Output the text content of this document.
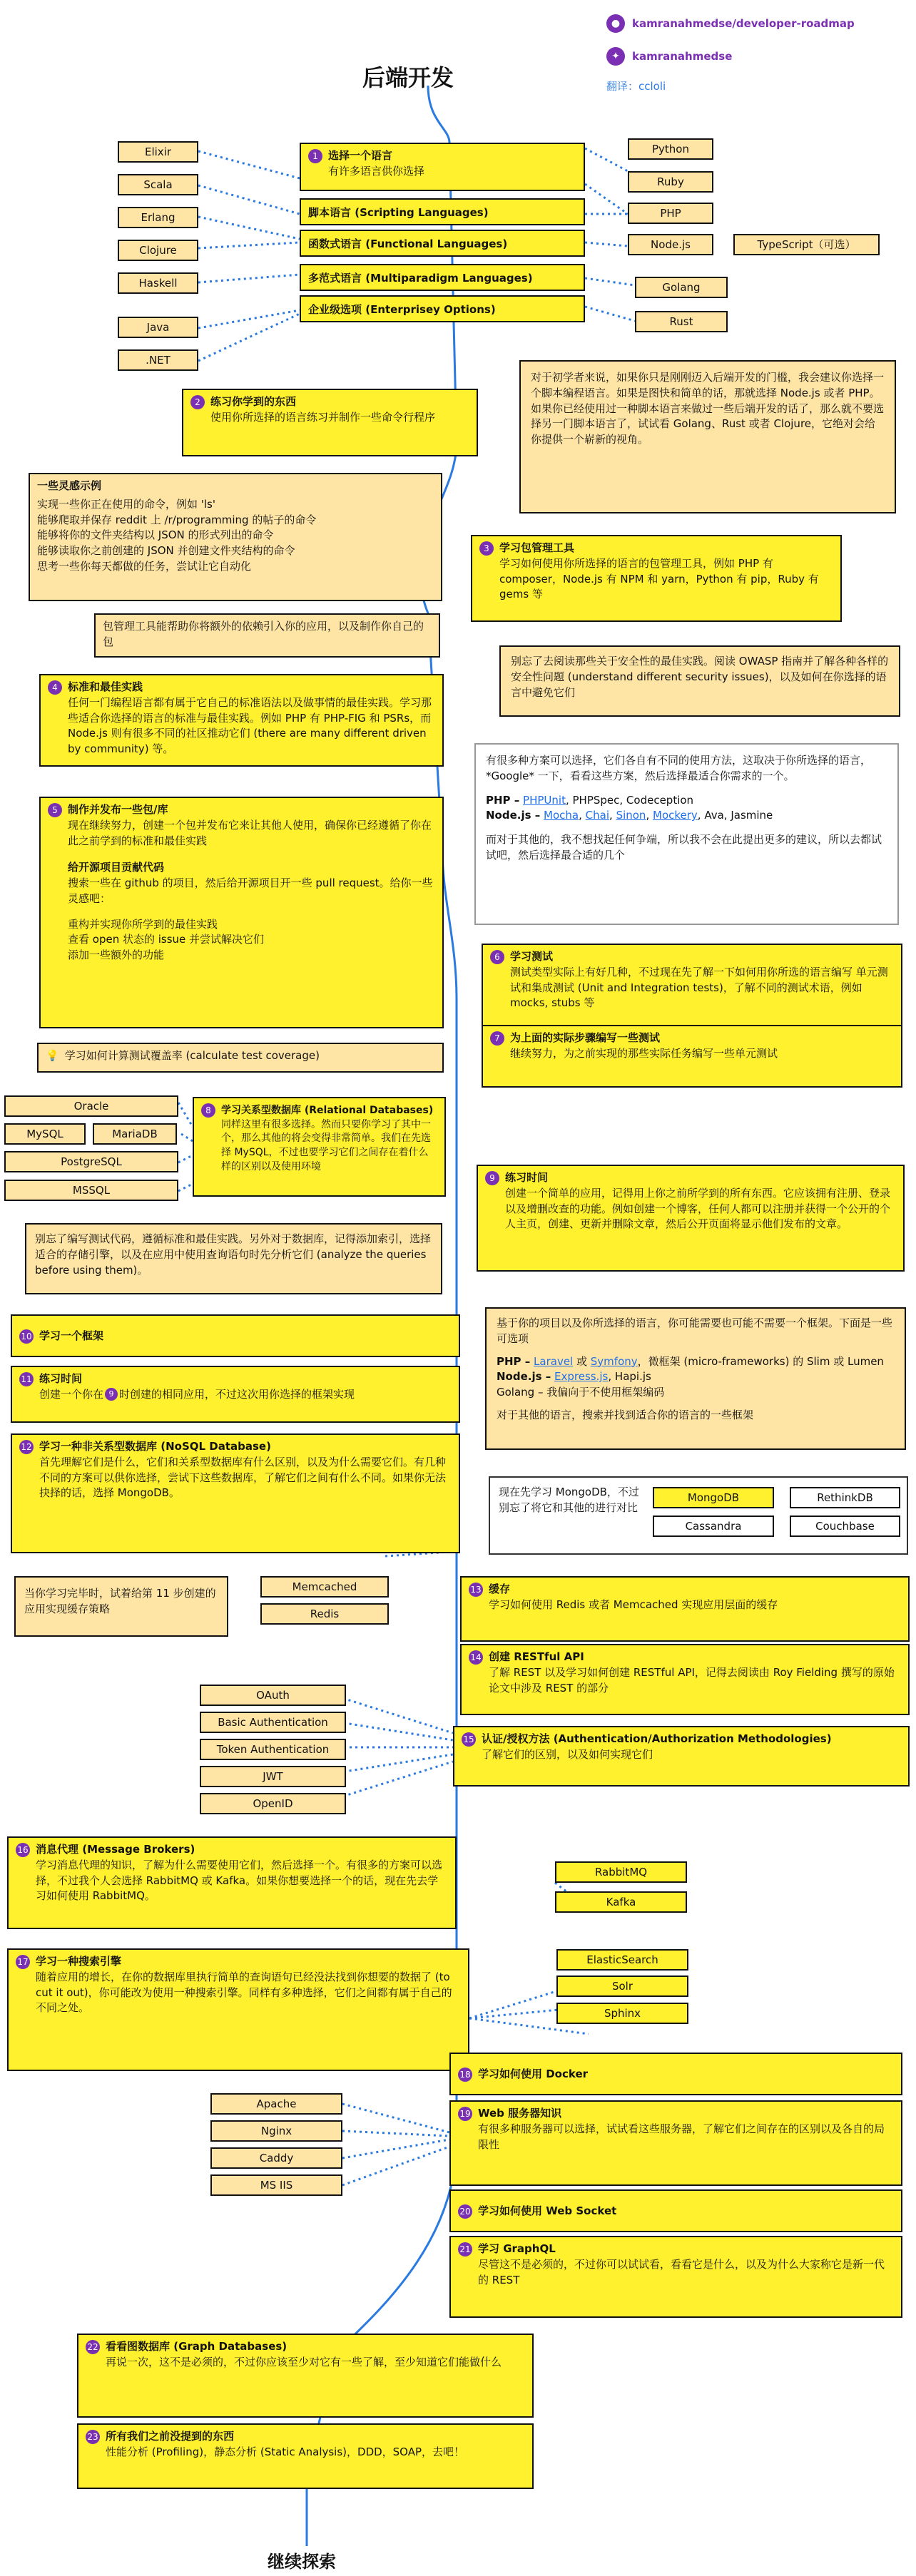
●	kamranahmedse/developer-roadmap
✦	kamranahmedse
翻译：ccloli
后端开发
1 选择一个语言
有许多语言供你选择
脚本语言 (Scripting Languages)
函数式语言 (Functional Languages)
多范式语言 (Multiparadigm Languages)
企业级选项 (Enterprisey Options)
Elixir
Scala
Erlang
Clojure
Haskell
Java
.NET
Python
Ruby
PHP
Node.js	TypeScript（可选）
Golang
Rust
对于初学者来说，如果你只是刚刚迈入后端开发的门槛，我会建议你选择一个脚本编程语言。如果是图快和简单的话，那就选择 Node.js 或者 PHP。如果你已经使用过一种脚本语言来做过一些后端开发的话了，那么就不要选择另一门脚本语言了，试试看 Golang、Rust 或者 Clojure，它绝对会给你提供一个崭新的视角。
2 练习你学到的东西
使用你所选择的语言练习并制作一些命令行程序
一些灵感示例
实现一些你正在使用的命令，例如 'ls'
能够爬取并保存 reddit 上 /r/programming 的帖子的命令
能够将你的文件夹结构以 JSON 的形式列出的命令
能够读取你之前创建的 JSON 并创建文件夹结构的命令
思考一些你每天都做的任务，尝试让它自动化
3 学习包管理工具
学习如何使用你所选择的语言的包管理工具，例如 PHP 有 composer，Node.js 有 NPM 和 yarn，Python 有 pip，Ruby 有 gems 等
包管理工具能帮助你将额外的依赖引入你的应用，以及制作你自己的包
4 标准和最佳实践
任何一门编程语言都有属于它自己的标准语法以及做事情的最佳实践。学习那些适合你选择的语言的标准与最佳实践。例如 PHP 有 PHP-FIG 和 PSRs，而 Node.js 则有很多不同的社区推动它们 (there are many different driven by community) 等。
别忘了去阅读那些关于安全性的最佳实践。阅读 OWASP 指南并了解各种各样的安全性问题 (understand different security issues)，以及如何在你选择的语言中避免它们
5 制作并发布一些包/库
现在继续努力，创建一个包并发布它来让其他人使用，确保你已经遵循了你在此之前学到的标准和最佳实践
给开源项目贡献代码
搜索一些在 github 的项目，然后给开源项目开一些 pull request。给你一些灵感吧：
重构并实现你所学到的最佳实践
查看 open 状态的 issue 并尝试解决它们
添加一些额外的功能
有很多种方案可以选择，它们各自有不同的使用方法，这取决于你所选择的语言，*Google* 一下，看看这些方案，然后选择最适合你需求的一个。
PHP – PHPUnit, PHPSpec, Codeception
Node.js – Mocha, Chai, Sinon, Mockery, Ava, Jasmine
而对于其他的，我不想找起任何争端，所以我不会在此提出更多的建议，所以去都试试吧，然后选择最合适的几个
6 学习测试
测试类型实际上有好几种，不过现在先了解一下如何用你所选的语言编写 单元测试和集成测试 (Unit and Integration tests)，了解不同的测试术语，例如 mocks, stubs 等
💡 学习如何计算测试覆盖率 (calculate test coverage)
7 为上面的实际步骤编写一些测试
继续努力，为之前实现的那些实际任务编写一些单元测试
8 学习关系型数据库 (Relational Databases)
同样这里有很多选择。然而只要你学习了其中一个，那么其他的将会变得非常简单。我们在先选择 MySQL，不过也要学习它们之间存在着什么样的区别以及使用环境
Oracle
MySQL	MariaDB
PostgreSQL
MSSQL
别忘了编写测试代码，遵循标准和最佳实践。另外对于数据库，记得添加索引，选择适合的存储引擎，以及在应用中使用查询语句时先分析它们 (analyze the queries before using them)。
9 练习时间
创建一个简单的应用，记得用上你之前所学到的所有东西。它应该拥有注册、登录以及增删改查的功能。例如创建一个博客，任何人都可以注册并获得一个公开的个人主页，创建、更新并删除文章，然后公开页面将显示他们发布的文章。
10 学习一个框架
基于你的项目以及你所选择的语言，你可能需要也可能不需要一个框架。下面是一些可选项
PHP – Laravel 或 Symfony，微框架 (micro-frameworks) 的 Slim 或 Lumen
Node.js – Express.js, Hapi.js
Golang – 我偏向于不使用框架编码
对于其他的语言，搜索并找到适合你的语言的一些框架
11 练习时间
创建一个你在 9 时创建的相同应用，不过这次用你选择的框架实现
12 学习一种非关系型数据库 (NoSQL Database)
首先理解它们是什么，它们和关系型数据库有什么区别，以及为什么需要它们。有几种不同的方案可以供你选择，尝试下这些数据库，了解它们之间有什么不同。如果你无法抉择的话，选择 MongoDB。	现在先学习 MongoDB，不过别忘了将它和其他的进行对比
MongoDB	RethinkDB
Cassandra	Couchbase
当你学习完毕时，试着给第 11 步创建的应用实现缓存策略
Memcached
Redis
13 缓存
学习如何使用 Redis 或者 Memcached 实现应用层面的缓存
14 创建 RESTful API
了解 REST 以及学习如何创建 RESTful API，记得去阅读由 Roy Fielding 撰写的原始论文中涉及 REST 的部分
OAuth
Basic Authentication
Token Authentication
JWT
OpenID
15 认证/授权方法 (Authentication/Authorization Methodologies)
了解它们的区别，以及如何实现它们
16 消息代理 (Message Brokers)
学习消息代理的知识，了解为什么需要使用它们，然后选择一个。有很多的方案可以选择，不过我个人会选择 RabbitMQ 或 Kafka。如果你想要选择一个的话，现在先去学习如何使用 RabbitMQ。
RabbitMQ
Kafka
17 学习一种搜索引擎
随着应用的增长，在你的数据库里执行简单的查询语句已经没法找到你想要的数据了 (to cut it out)，你可能改为使用一种搜索引擎。同样有多种选择，它们之间都有属于自己的不同之处。
ElasticSearch
Solr
Sphinx
18 学习如何使用 Docker
Apache
Nginx
Caddy
MS IIS
19 Web 服务器知识
有很多种服务器可以选择，试试看这些服务器，了解它们之间存在的区别以及各自的局限性
20 学习如何使用 Web Socket
21 学习 GraphQL
尽管这不是必须的，不过你可以试试看，看看它是什么，以及为什么大家称它是新一代的 REST
22 看看图数据库 (Graph Databases)
再说一次，这不是必须的，不过你应该至少对它有一些了解，至少知道它们能做什么
23 所有我们之前没提到的东西
性能分析 (Profiling)，静态分析 (Static Analysis)，DDD，SOAP，去吧！
继续探索
